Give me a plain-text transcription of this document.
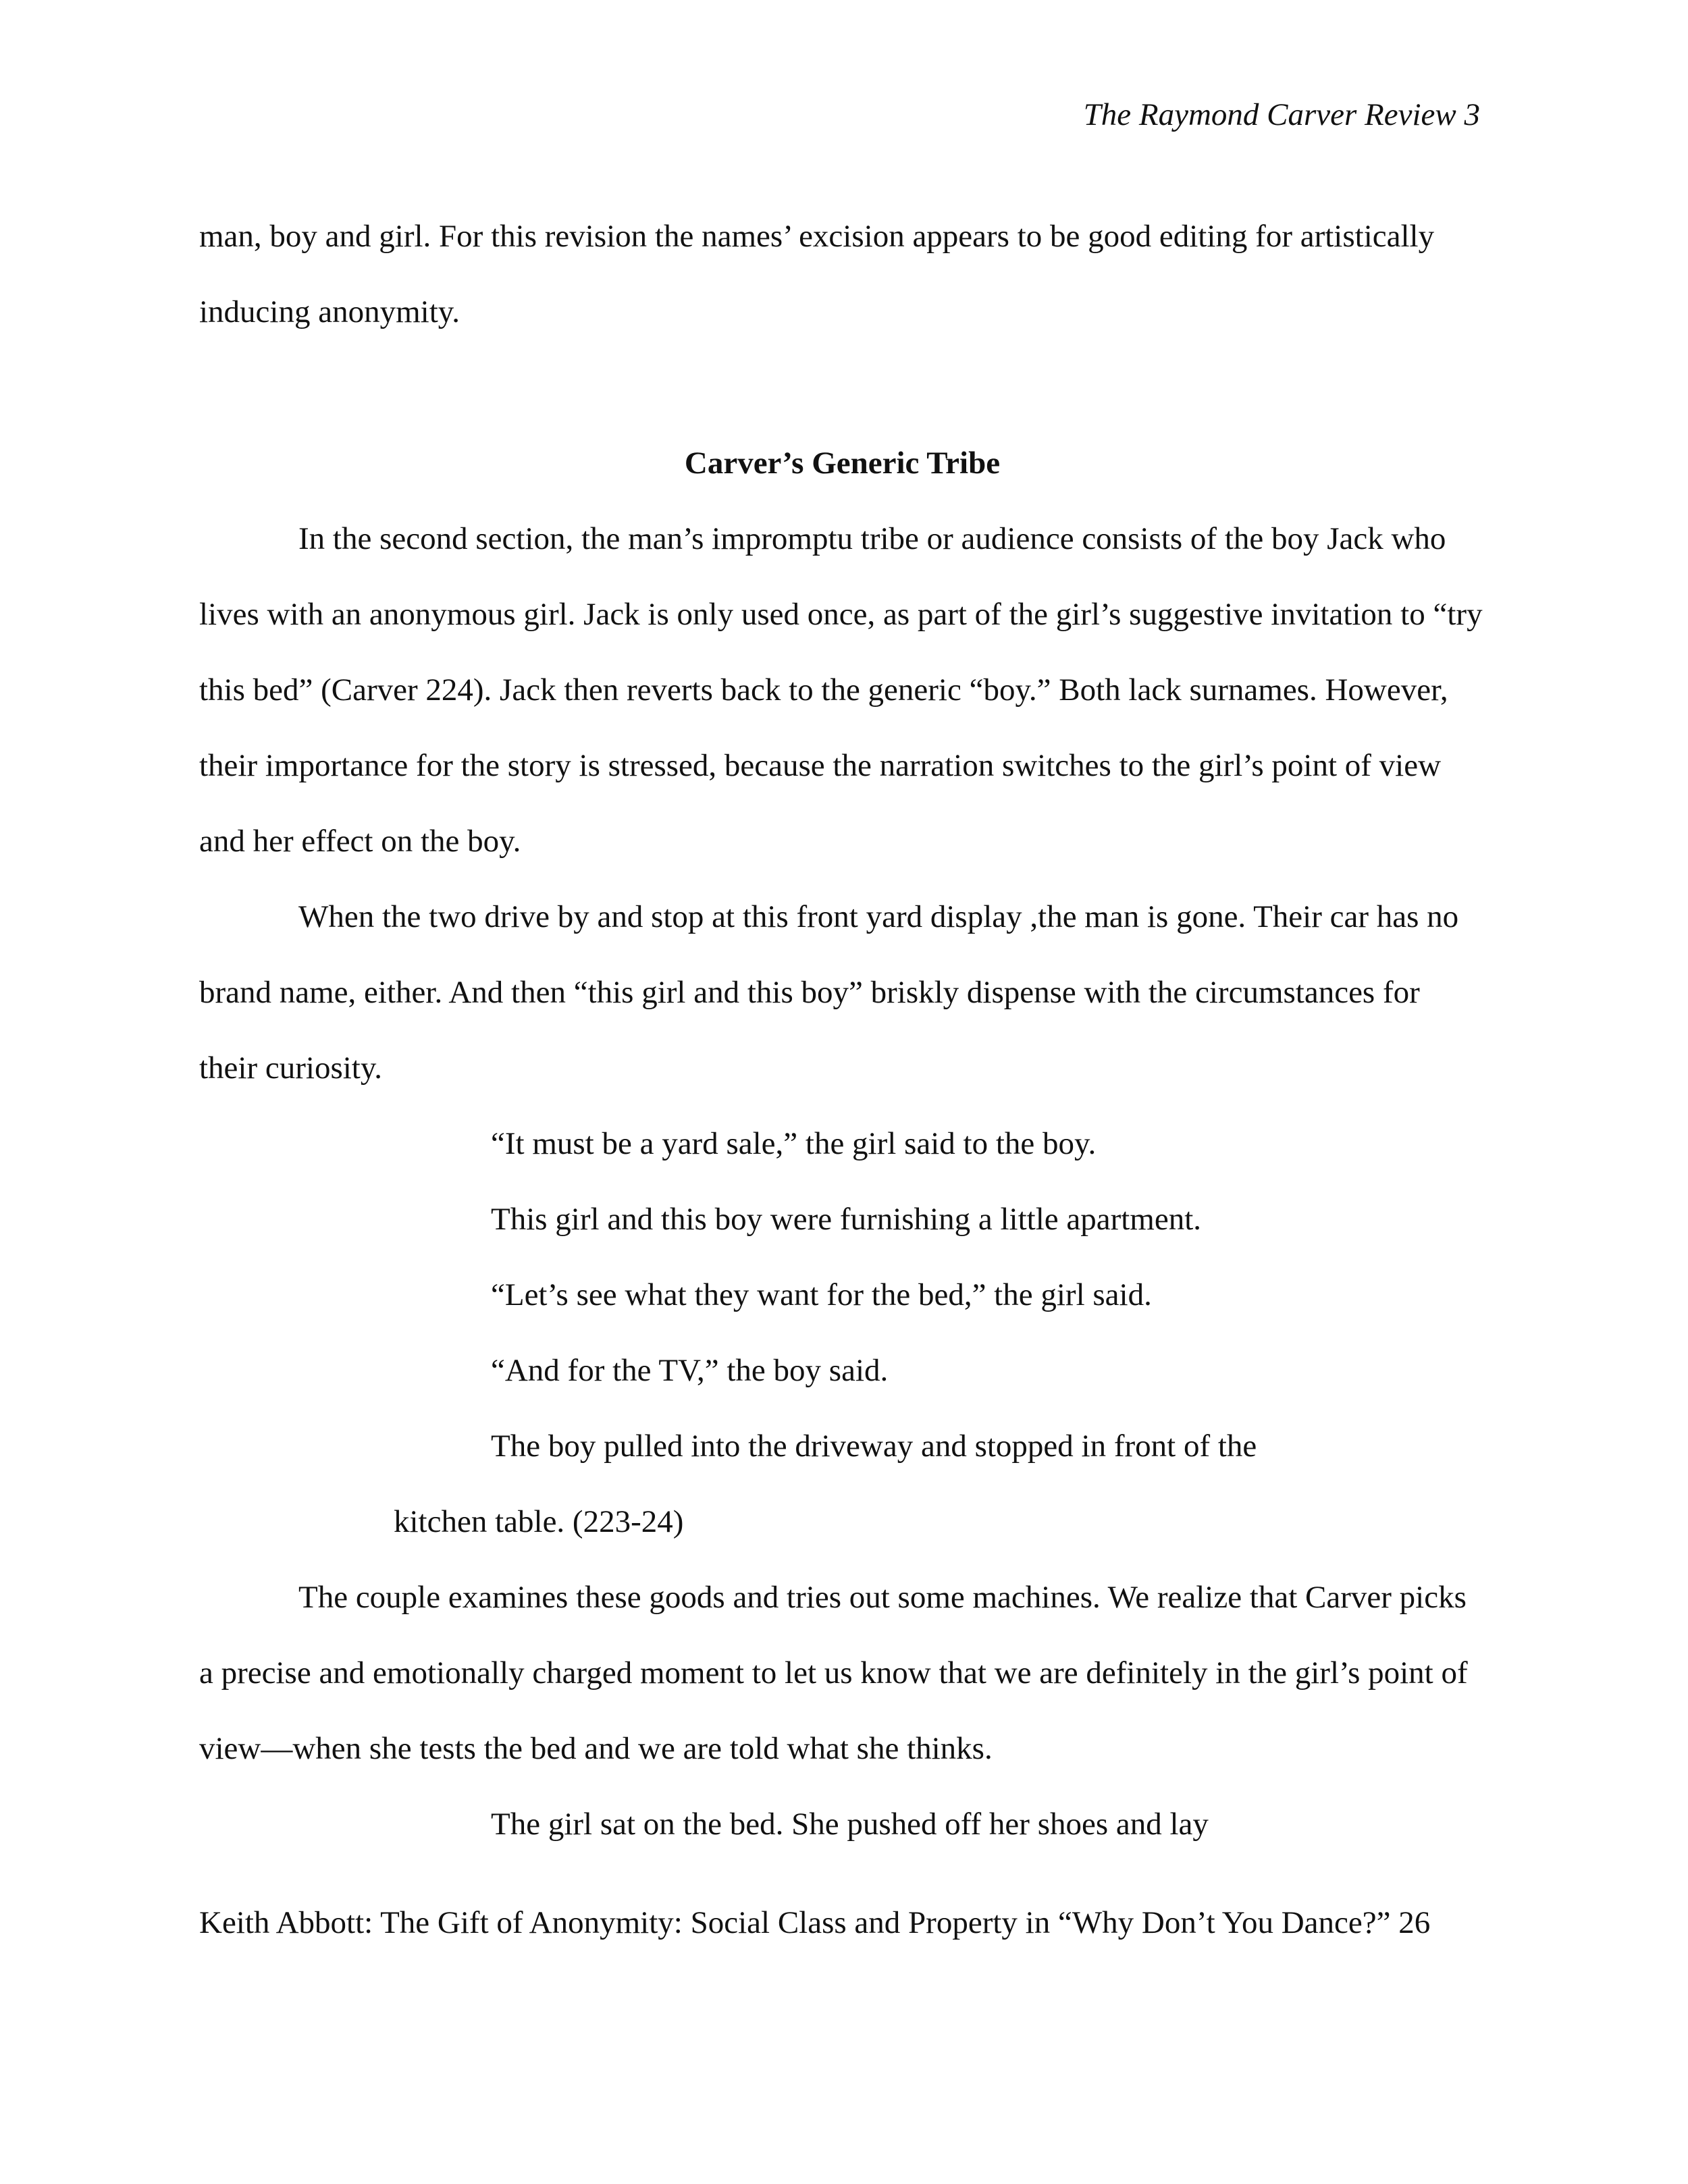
The Raymond Carver Review 3

man, boy and girl. For this revision the names’ excision appears to be good editing for artistically inducing anonymity.

Carver’s Generic Tribe

In the second section, the man’s impromptu tribe or audience consists of the boy Jack who lives with an anonymous girl. Jack is only used once, as part of the girl’s suggestive invitation to “try this bed” (Carver 224). Jack then reverts back to the generic “boy.” Both lack surnames. However, their importance for the story is stressed, because the narration switches to the girl’s point of view and her effect on the boy.

When the two drive by and stop at this front yard display ,the man is gone. Their car has no brand name, either. And then “this girl and this boy” briskly dispense with the circumstances for their curiosity.

“It must be a yard sale,” the girl said to the boy.

This girl and this boy were furnishing a little apartment.

“Let’s see what they want for the bed,” the girl said.

“And for the TV,” the boy said.

The boy pulled into the driveway and stopped in front of the

kitchen table. (223-24)

The couple examines these goods and tries out some machines. We realize that Carver picks a precise and emotionally charged moment to let us know that we are definitely in the girl’s point of view—when she tests the bed and we are told what she thinks.

The girl sat on the bed. She pushed off her shoes and lay

Keith Abbott: The Gift of Anonymity: Social Class and Property in “Why Don’t You Dance?” 26
